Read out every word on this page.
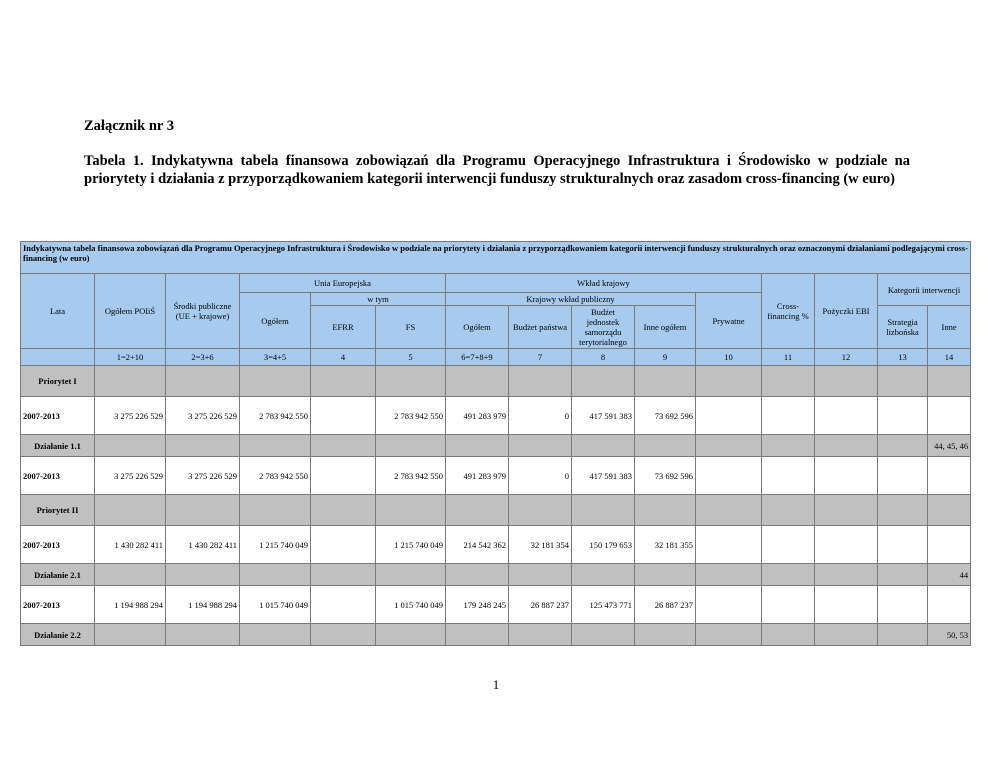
Załącznik nr 3
Tabela 1. Indykatywna tabela finansowa zobowiązań dla Programu Operacyjnego Infrastruktura i Środowisko w podziale na priorytety i działania z przyporządkowaniem kategorii interwencji funduszy strukturalnych oraz zasadom cross-financing (w euro)
Indykatywna tabela finansowa zobowiązań dla Programu Operacyjnego Infrastruktura i Środowisko w podziale na priorytety i działania z przyporządkowaniem kategorii interwencji funduszy strukturalnych oraz oznaczonymi działaniami podlegającymi cross-financing (w euro)														
Lata	Ogółem POIiŚ	Środki publiczne (UE + krajowe)	Unia Europejska			Wkład krajowy					Cross-financing %	Pożyczki EBI	Kategorii interwencji	
			Ogółem	w tym		Krajowy wkład publiczny				Prywatne				
				EFRR	FS	Ogółem	Budżet państwa	Budżet jednostek samorządu terytorialnego	Inne ogółem				Strategia lizbońska	Inne

	1=2+10	2=3+6	3=4+5	4	5	6=7+8+9	7	8	9	10	11	12	13	14
Priorytet I														
2007-2013	3 275 226 529	3 275 226 529	2 783 942 550		2 783 942 550	491 283 979	0	417 591 383	73 692 596					
Działanie 1.1														44, 45, 46
2007-2013	3 275 226 529	3 275 226 529	2 783 942 550		2 783 942 550	491 283 979	0	417 591 383	73 692 596					
Priorytet II														
2007-2013	1 430 282 411	1 430 282 411	1 215 740 049		1 215 740 049	214 542 362	32 181 354	150 179 653	32 181 355					
Działanie 2.1														44
2007-2013	1 194 988 294	1 194 988 294	1 015 740 049		1 015 740 049	179 248 245	26 887 237	125 473 771	26 887 237					
Działanie 2.2														50, 53
1
